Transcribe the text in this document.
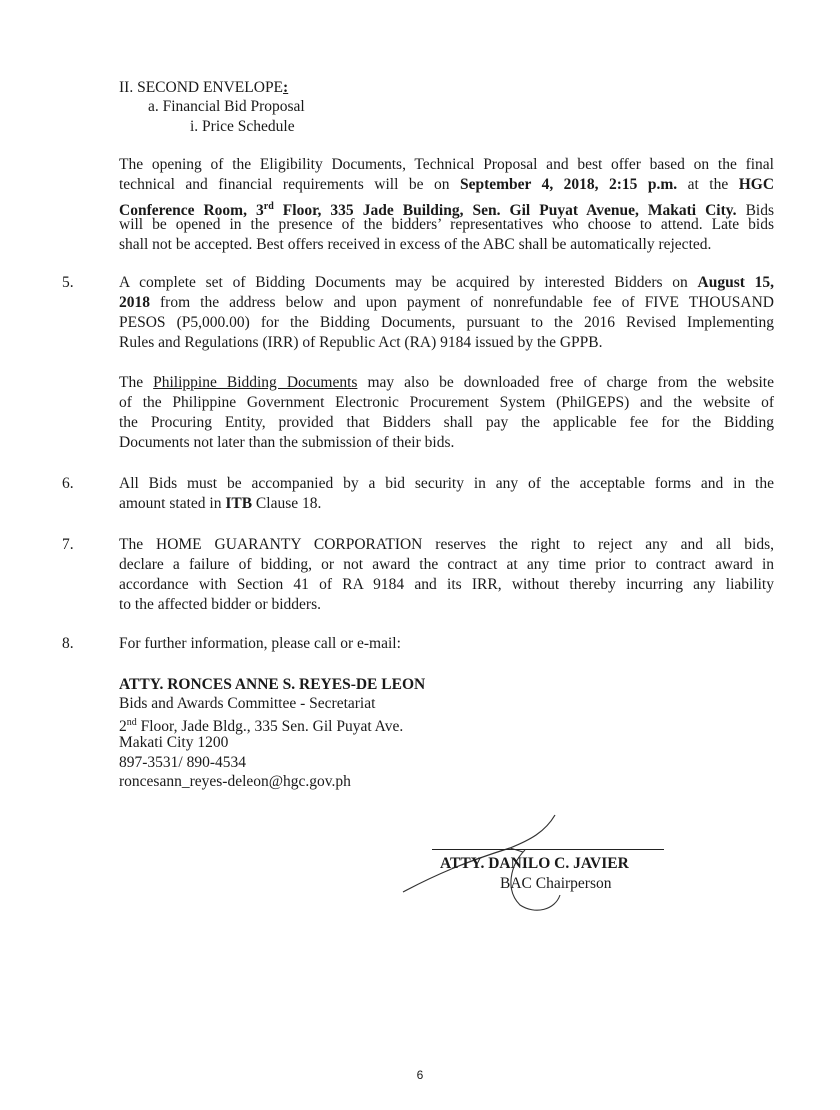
II. SECOND ENVELOPE:
a. Financial Bid Proposal
i. Price Schedule
The opening of the Eligibility Documents, Technical Proposal and best offer based on the final
technical and financial requirements will be on September 4, 2018, 2:15 p.m. at the HGC
Conference Room, 3rd Floor, 335 Jade Building, Sen. Gil Puyat Avenue, Makati City. Bids
will be opened in the presence of the bidders’ representatives who choose to attend. Late bids
shall not be accepted. Best offers received in excess of the ABC shall be automatically rejected.
5.	A complete set of Bidding Documents may be acquired by interested Bidders on August 15,
2018 from the address below and upon payment of nonrefundable fee of FIVE THOUSAND
PESOS (P5,000.00) for the Bidding Documents, pursuant to the 2016 Revised Implementing
Rules and Regulations (IRR) of Republic Act (RA) 9184 issued by the GPPB.
The Philippine Bidding Documents may also be downloaded free of charge from the website
of the Philippine Government Electronic Procurement System (PhilGEPS) and the website of
the Procuring Entity, provided that Bidders shall pay the applicable fee for the Bidding
Documents not later than the submission of their bids.
6.	All Bids must be accompanied by a bid security in any of the acceptable forms and in the
amount stated in ITB Clause 18.
7.	The HOME GUARANTY CORPORATION reserves the right to reject any and all bids,
declare a failure of bidding, or not award the contract at any time prior to contract award in
accordance with Section 41 of RA 9184 and its IRR, without thereby incurring any liability
to the affected bidder or bidders.
8.	For further information, please call or e-mail:
ATTY. RONCES ANNE S. REYES-DE LEON
Bids and Awards Committee - Secretariat
2nd Floor, Jade Bldg., 335 Sen. Gil Puyat Ave.
Makati City 1200
897-3531/ 890-4534
roncesann_reyes-deleon@hgc.gov.ph
ATTY. DANILO C. JAVIER
BAC Chairperson
6
